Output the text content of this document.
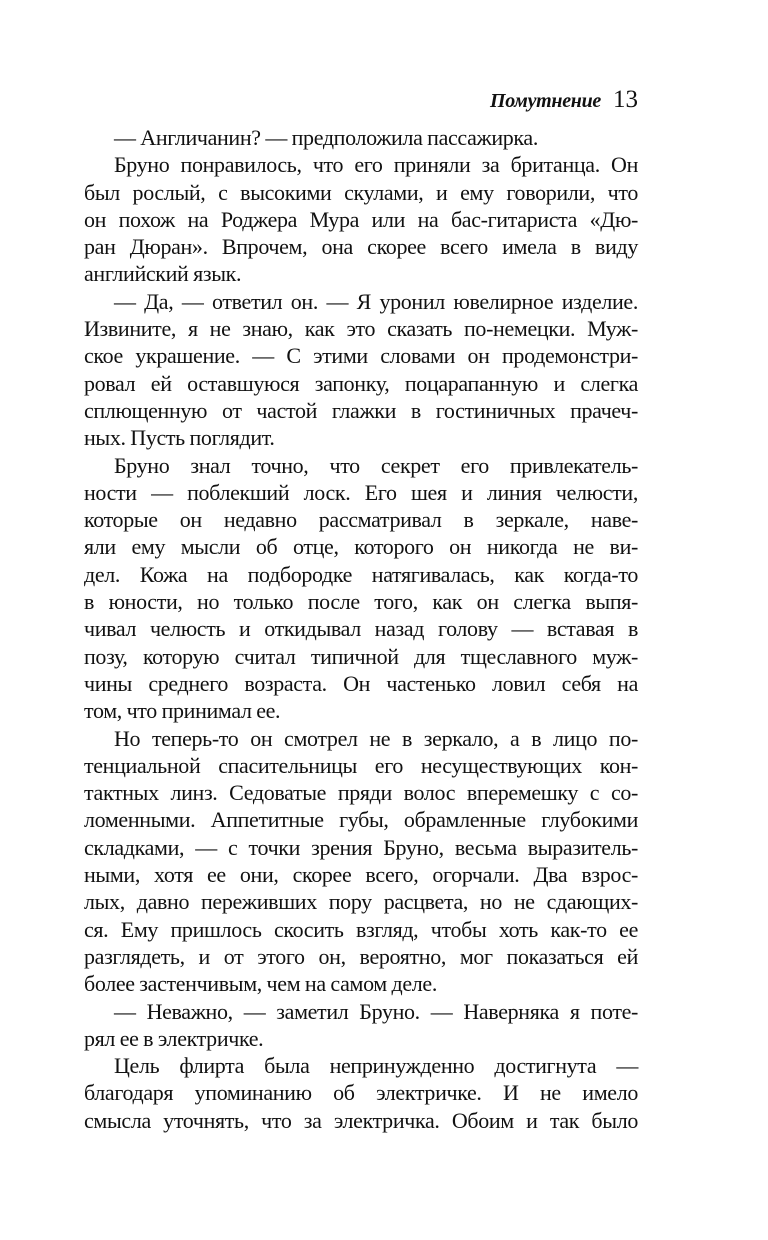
Помутнение 13
— Англичанин? — предположила пассажирка.
Бруно понравилось, что его приняли за британца. Он
был рослый, с высокими скулами, и ему говорили, что
он похож на Роджера Мура или на бас-гитариста «Дю-
ран Дюран». Впрочем, она скорее всего имела в виду
английский язык.
— Да, — ответил он. — Я уронил ювелирное изделие.
Извините, я не знаю, как это сказать по-немецки. Муж-
ское украшение. — С этими словами он продемонстри-
ровал ей оставшуюся запонку, поцарапанную и слегка
сплющенную от частой глажки в гостиничных прачеч-
ных. Пусть поглядит.
Бруно знал точно, что секрет его привлекатель-
ности — поблекший лоск. Его шея и линия челюсти,
которые он недавно рассматривал в зеркале, наве-
яли ему мысли об отце, которого он никогда не ви-
дел. Кожа на подбородке натягивалась, как когда-то
в юности, но только после того, как он слегка выпя-
чивал челюсть и откидывал назад голову — вставая в
позу, которую считал типичной для тщеславного муж-
чины среднего возраста. Он частенько ловил себя на
том, что принимал ее.
Но теперь-то он смотрел не в зеркало, а в лицо по-
тенциальной спасительницы его несуществующих кон-
тактных линз. Седоватые пряди волос вперемешку с со-
ломенными. Аппетитные губы, обрамленные глубокими
складками, — с точки зрения Бруно, весьма выразитель-
ными, хотя ее они, скорее всего, огорчали. Два взрос-
лых, давно переживших пору расцвета, но не сдающих-
ся. Ему пришлось скосить взгляд, чтобы хоть как-то ее
разглядеть, и от этого он, вероятно, мог показаться ей
более застенчивым, чем на самом деле.
— Неважно, — заметил Бруно. — Наверняка я поте-
рял ее в электричке.
Цель флирта была непринужденно достигнута —
благодаря упоминанию об электричке. И не имело
смысла уточнять, что за электричка. Обоим и так было
